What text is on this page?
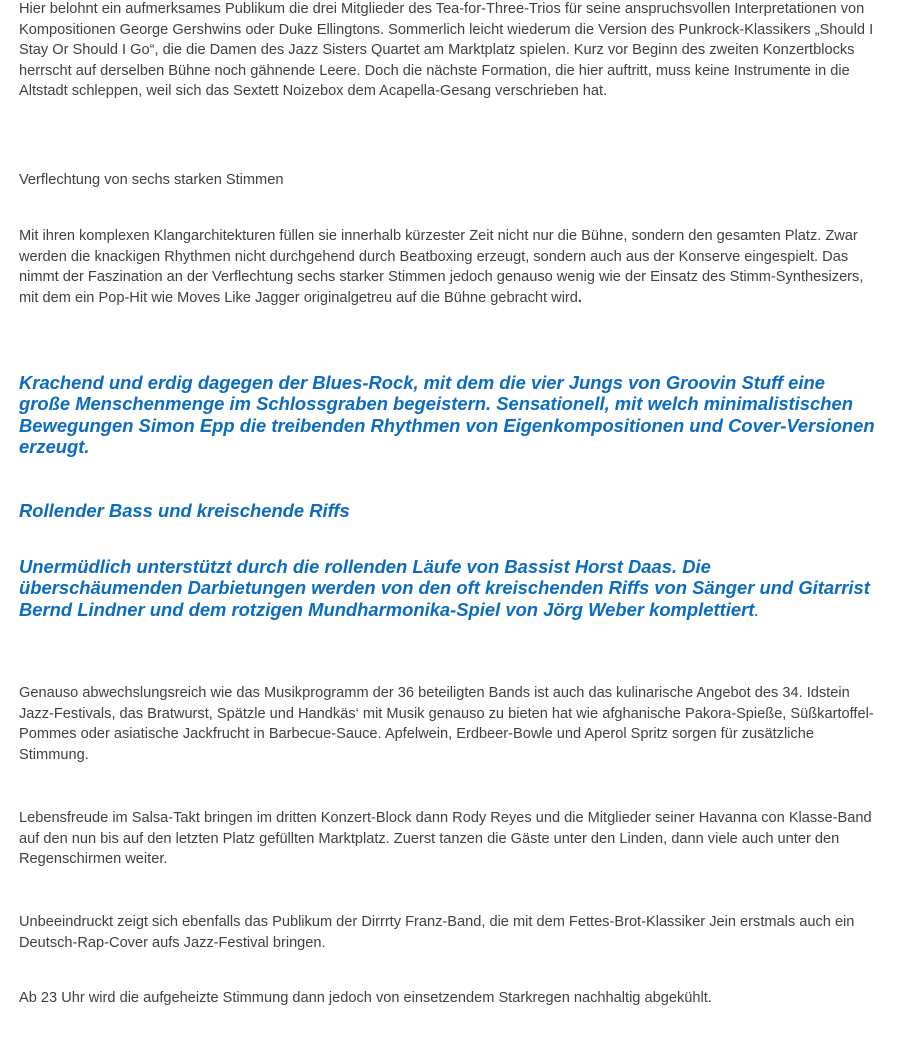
Hier belohnt ein aufmerksames Publikum die drei Mitglieder des Tea-for-Three-Trios für seine anspruchsvollen Interpretationen von Kompositionen George Gershwins oder Duke Ellingtons. Sommerlich leicht wiederum die Version des Punkrock-Klassikers „Should I Stay Or Should I Go“, die die Damen des Jazz Sisters Quartet am Marktplatz spielen. Kurz vor Beginn des zweiten Konzertblocks herrscht auf derselben Bühne noch gähnende Leere. Doch die nächste Formation, die hier auftritt, muss keine Instrumente in die Altstadt schleppen, weil sich das Sextett Noizebox dem Acapella-Gesang verschrieben hat.

Verflechtung von sechs starken Stimmen

Mit ihren komplexen Klangarchitekturen füllen sie innerhalb kürzester Zeit nicht nur die Bühne, sondern den gesamten Platz. Zwar werden die knackigen Rhythmen nicht durchgehend durch Beatboxing erzeugt, sondern auch aus der Konserve eingespielt. Das nimmt der Faszination an der Verflechtung sechs starker Stimmen jedoch genauso wenig wie der Einsatz des Stimm-Synthesizers, mit dem ein Pop-Hit wie Moves Like Jagger originalgetreu auf die Bühne gebracht wird.

Krachend und erdig dagegen der Blues-Rock, mit dem die vier Jungs von Groovin Stuff eine große Menschenmenge im Schlossgraben begeistern. Sensationell, mit welch minimalistischen Bewegungen Simon Epp die treibenden Rhythmen von Eigenkompositionen und Cover-Versionen erzeugt.

Rollender Bass und kreischende Riffs

Unermüdlich unterstützt durch die rollenden Läufe von Bassist Horst Daas. Die überschäumenden Darbietungen werden von den oft kreischenden Riffs von Sänger und Gitarrist Bernd Lindner und dem rotzigen Mundharmonika-Spiel von Jörg Weber komplettiert.

Genauso abwechslungsreich wie das Musikprogramm der 36 beteiligten Bands ist auch das kulinarische Angebot des 34. Idstein Jazz-Festivals, das Bratwurst, Spätzle und Handkäs‘ mit Musik genauso zu bieten hat wie afghanische Pakora-Spieße, Süßkartoffel-Pommes oder asiatische Jackfrucht in Barbecue-Sauce. Apfelwein, Erdbeer-Bowle und Aperol Spritz sorgen für zusätzliche Stimmung.

Lebensfreude im Salsa-Takt bringen im dritten Konzert-Block dann Rody Reyes und die Mitglieder seiner Havanna con Klasse-Band auf den nun bis auf den letzten Platz gefüllten Marktplatz. Zuerst tanzen die Gäste unter den Linden, dann viele auch unter den Regenschirmen weiter.

Unbeeindruckt zeigt sich ebenfalls das Publikum der Dirrrty Franz-Band, die mit dem Fettes-Brot-Klassiker Jein erstmals auch ein Deutsch-Rap-Cover aufs Jazz-Festival bringen.

Ab 23 Uhr wird die aufgeheizte Stimmung dann jedoch von einsetzendem Starkregen nachhaltig abgekühlt.
